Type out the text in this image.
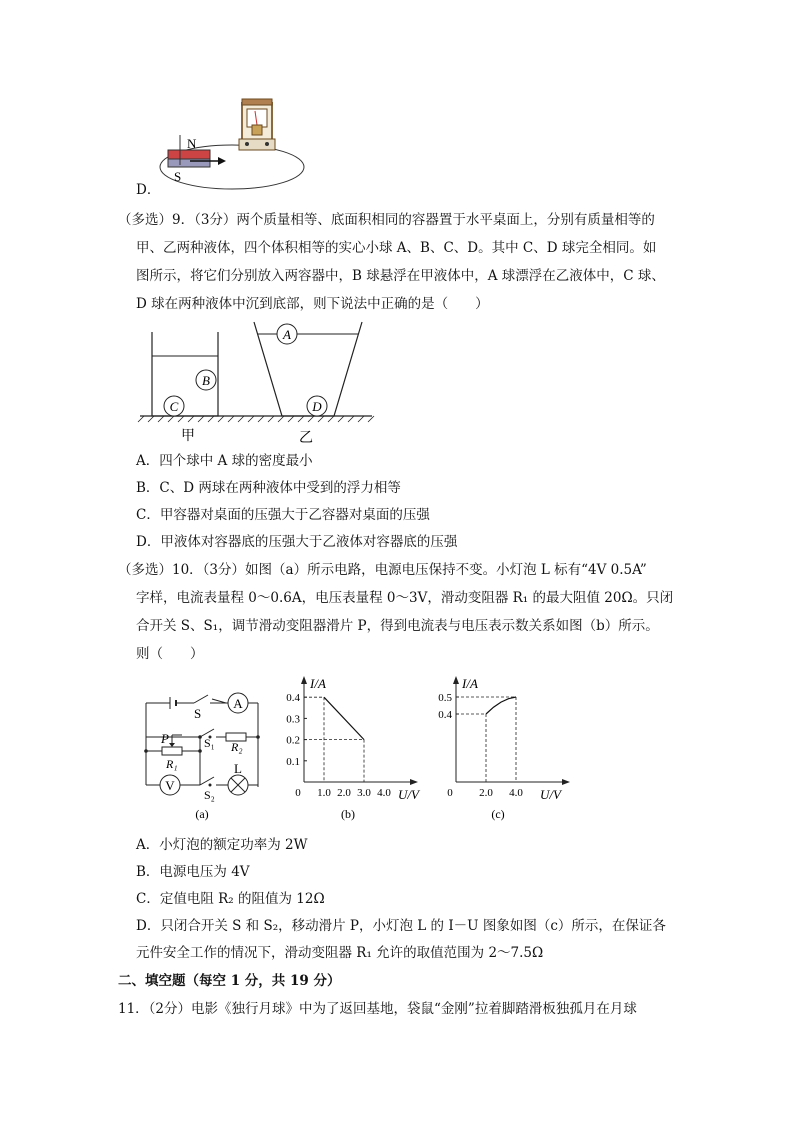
N
S
D．
（多选）9．（3分）两个质量相等、底面积相同的容器置于水平桌面上，分别有质量相等的
甲、乙两种液体，四个体积相等的实心小球 A、B、C、D。其中 C、D 球完全相同。如
图所示，将它们分别放入两容器中，B 球悬浮在甲液体中，A 球漂浮在乙液体中，C 球、
D 球在两种液体中沉到底部，则下说法中正确的是（　　）
B
C
A
D
甲	乙
A．四个球中 A 球的密度最小
B．C、D 两球在两种液体中受到的浮力相等
C．甲容器对桌面的压强大于乙容器对桌面的压强
D．甲液体对容器底的压强大于乙液体对容器底的压强
（多选）10．（3分）如图（a）所示电路，电源电压保持不变。小灯泡 L 标有“4V 0.5A”
字样，电流表量程 0～0.6A，电压表量程 0～3V，滑动变阻器 R₁ 的最大阻值 20Ω。只闭
合开关 S、S₁，调节滑动变阻器滑片 P，得到电流表与电压表示数关系如图（b）所示。
则（　　）
S
A
S₁ R₂
P
R₁
V
S₂
L
(a)
I/A
U/V
(b)
0 1.0 2.0 3.0 4.0
0.4
0.3
0.2
0.1
I/A
U/V
(c)
0 2.0 4.0
0.5
0.4
A．小灯泡的额定功率为 2W
B．电源电压为 4V
C．定值电阻 R₂ 的阻值为 12Ω
D．只闭合开关 S 和 S₂，移动滑片 P，小灯泡 L 的 I－U 图象如图（c）所示，在保证各
元件安全工作的情况下，滑动变阻器 R₁ 允许的取值范围为 2～7.5Ω
二、填空题（每空 1 分，共 19 分）
11．（2分）电影《独行月球》中为了返回基地，袋鼠“金刚”拉着脚踏滑板独孤月在月球
